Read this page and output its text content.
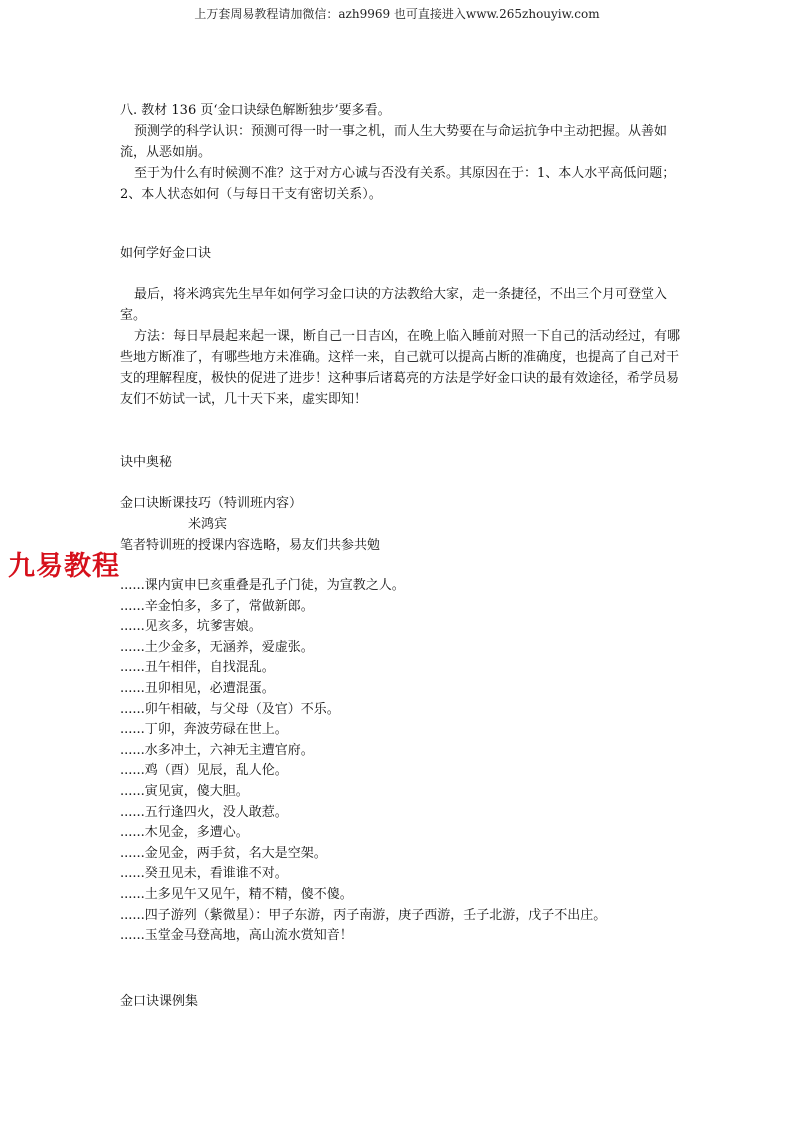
上万套周易教程请加微信：azh9969 也可直接进入www.265zhouyiw.com

八. 教材 136 页‘金口诀绿色解断独步’要多看。

预测学的科学认识：预测可得一时一事之机，而人生大势要在与命运抗争中主动把握。从善如流，从恶如崩。

至于为什么有时候测不准？这于对方心诚与否没有关系。其原因在于：1、本人水平高低问题；2、本人状态如何（与每日干支有密切关系）。

如何学好金口诀

最后，将米鸿宾先生早年如何学习金口诀的方法教给大家，走一条捷径，不出三个月可登堂入室。

方法：每日早晨起来起一课，断自己一日吉凶，在晚上临入睡前对照一下自己的活动经过，有哪些地方断准了，有哪些地方未准确。这样一来，自己就可以提高占断的准确度，也提高了自己对干支的理解程度，极快的促进了进步！这种事后诸葛亮的方法是学好金口诀的最有效途径，希学员易友们不妨试一试，几十天下来，虚实即知！

诀中奥秘

金口诀断课技巧（特训班内容）

米鸿宾

笔者特训班的授课内容选略，易友们共参共勉

......课内寅申巳亥重叠是孔子门徒，为宣教之人。

......辛金怕多，多了，常做新郎。

......见亥多，坑爹害娘。

......土少金多，无涵养，爱虚张。

......丑午相伴，自找混乱。

......丑卯相见，必遭混蛋。

......卯午相破，与父母（及官）不乐。

......丁卯，奔波劳碌在世上。

......水多冲土，六神无主遭官府。

......鸡（酉）见辰，乱人伦。

......寅见寅，傻大胆。

......五行逢四火，没人敢惹。

......木见金，多遭心。

......金见金，两手贫，名大是空架。

......癸丑见未，看谁谁不对。

......土多见午又见午，精不精，傻不傻。

......四子游列（紫微星）：甲子东游，丙子南游，庚子西游，壬子北游，戊子不出庄。

......玉堂金马登高地，高山流水赏知音！

金口诀课例集

九易教程
